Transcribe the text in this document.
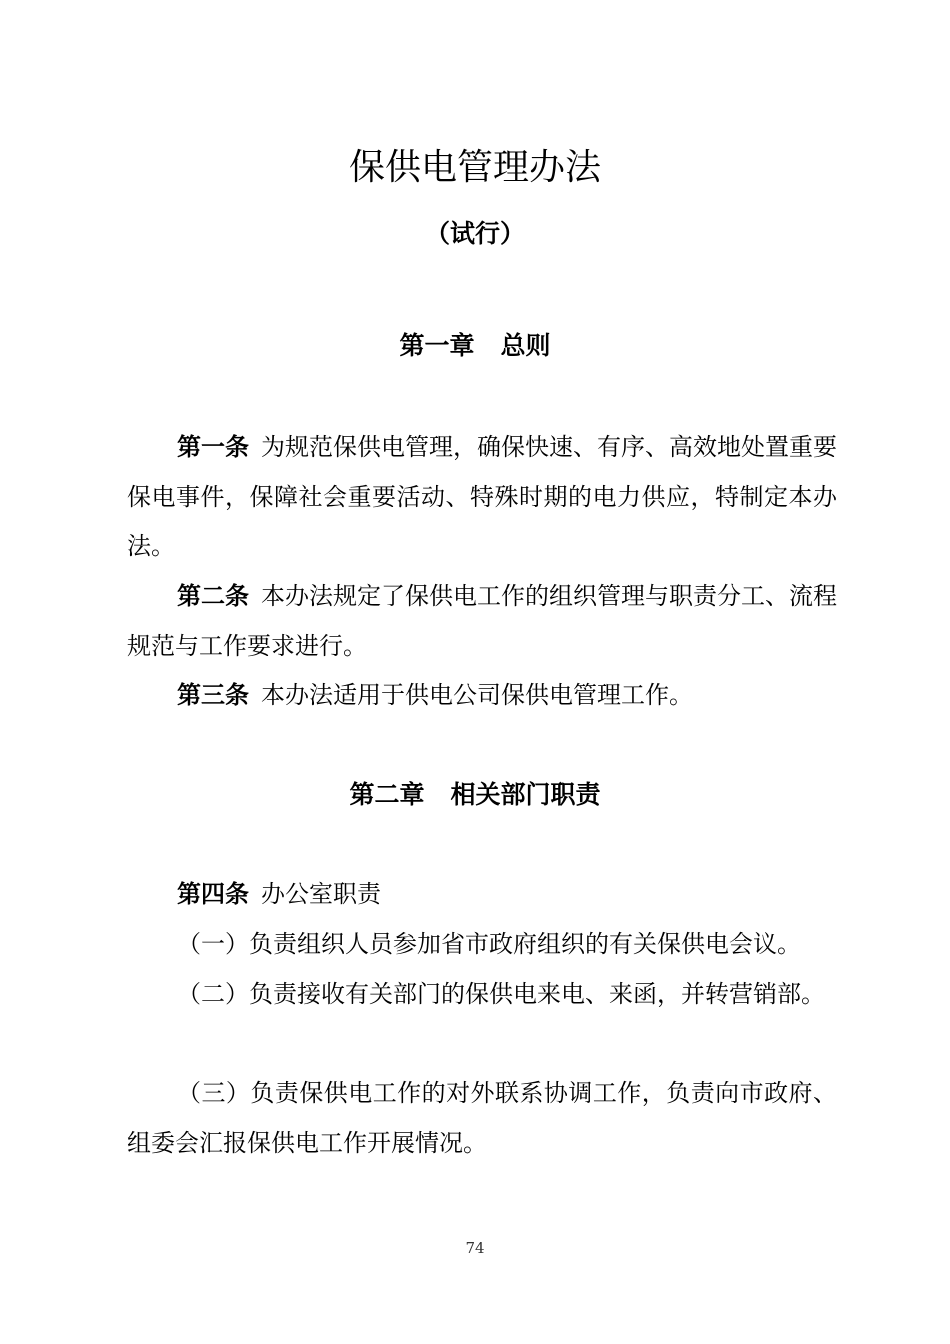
保供电管理办法
（试行）
第一章 总则

第一条 为规范保供电管理，确保快速、有序、高效地处置重要保电事件，保障社会重要活动、特殊时期的电力供应，特制定本办法。

第二条 本办法规定了保供电工作的组织管理与职责分工、流程规范与工作要求进行。

第三条 本办法适用于供电公司保供电管理工作。

第二章 相关部门职责

第四条 办公室职责

（一）负责组织人员参加省市政府组织的有关保供电会议。

（二）负责接收有关部门的保供电来电、来函，并转营销部。

（三）负责保供电工作的对外联系协调工作，负责向市政府、组委会汇报保供电工作开展情况。

74
